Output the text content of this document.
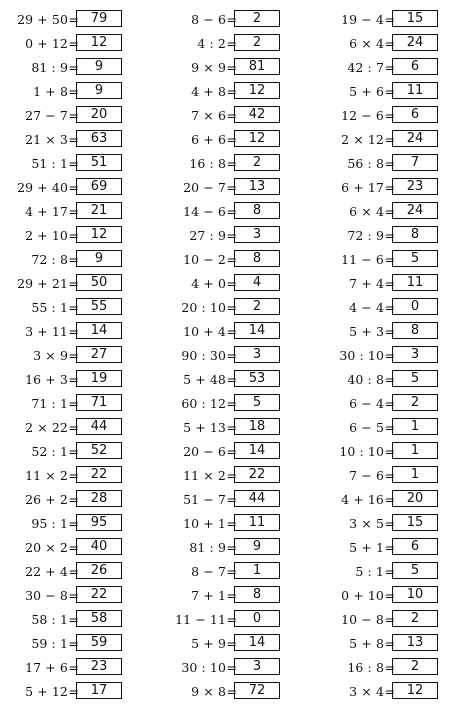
29 + 50 = 79
0 + 12 = 12
81 : 9 =	9
1 + 8 =	9
27 − 7 = 20
21 × 3 = 63
51 : 1 = 51
29 + 40 = 69
4 + 17 = 21
2 + 10 = 12
72 : 8 =	9
29 + 21 = 50
55 : 1 = 55
3 + 11 = 14
3 × 9 = 27
16 + 3 = 19
71 : 1 = 71
2 × 22 = 44
52 : 1 = 52
11 × 2 = 22
26 + 2 = 28
95 : 1 = 95
20 × 2 = 40
22 + 4 = 26
30 − 8 = 22
58 : 1 = 58
59 : 1 = 59
17 + 6 = 23
5 + 12 = 17
8 − 6 =	2
4 : 2 =	2
9 × 9 = 81
4 + 8 = 12
7 × 6 = 42
6 + 6 = 12
16 : 8 =	2
20 − 7 = 13
14 − 6 =	8
27 : 9 =	3
10 − 2 =	8
4 + 0 =	4
20 : 10 =	2
10 + 4 = 14
90 : 30 =	3
5 + 48 = 53
60 : 12 =	5
5 + 13 = 18
20 − 6 = 14
11 × 2 = 22
51 − 7 = 44
10 + 1 = 11
81 : 9 =	9
8 − 7 =	1
7 + 1 =	8
11 − 11 =	0
5 + 9 = 14
30 : 10 =	3
9 × 8 = 72
19 − 4 = 15
6 × 4 = 24
42 : 7 =	6
5 + 6 = 11
12 − 6 =	6
2 × 12 = 24
56 : 8 =	7
6 + 17 = 23
6 × 4 = 24
72 : 9 =	8
11 − 6 =	5
7 + 4 = 11
4 − 4 =	0
5 + 3 =	8
30 : 10 =	3
40 : 8 =	5
6 − 4 =	2
6 − 5 =	1
10 : 10 =	1
7 − 6 =	1
4 + 16 = 20
3 × 5 = 15
5 + 1 =	6
5 : 1 =	5
0 + 10 = 10
10 − 8 =	2
5 + 8 = 13
16 : 8 =	2
3 × 4 = 12
